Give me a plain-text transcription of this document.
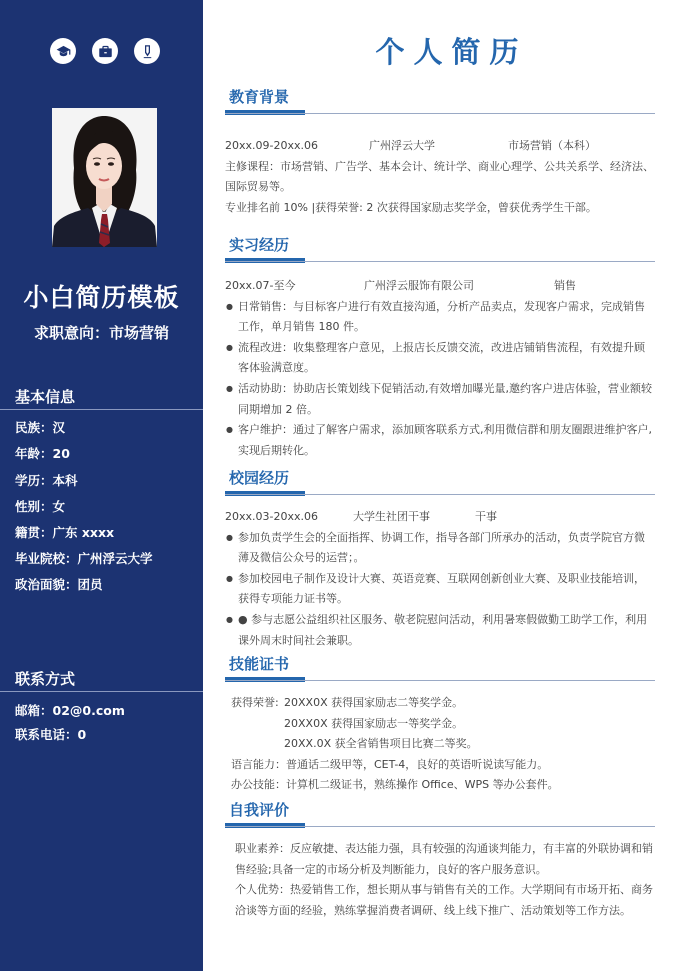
小白简历模板
求职意向：市场营销
基本信息
民族：汉
年龄：20
学历：本科
性别：女
籍贯：广东 xxxx
毕业院校：广州浮云大学
政治面貌：团员
联系方式
邮箱：02@0.com
联系电话：0
个人简历
教育背景
20xx.09-20xx.06	广州浮云大学	市场营销（本科）
主修课程：市场营销、广告学、基本会计、统计学、商业心理学、公共关系学、经济法、国际贸易等。
专业排名前 10% |获得荣誉: 2 次获得国家励志奖学金，曾获优秀学生干部。
实习经历
20xx.07-至今	广州浮云服饰有限公司	销售
● 日常销售：与目标客户进行有效直接沟通，分析产品卖点，发现客户需求，完成销售工作，单月销售 180 件。
● 流程改进：收集整理客户意见，上报店长反馈交流，改进店铺销售流程，有效提升顾客体验满意度。
● 活动协助：协助店长策划线下促销活动,有效增加曝光量,邀约客户进店体验，营业额较同期增加 2 倍。
● 客户维护：通过了解客户需求，添加顾客联系方式,利用微信群和朋友圈跟进维护客户,实现后期转化。
校园经历
20xx.03-20xx.06	大学生社团干事	干事
● 参加负责学生会的全面指挥、协调工作，指导各部门所承办的活动，负责学院官方微薄及微信公众号的运营；。
● 参加校园电子制作及设计大赛、英语竞赛、互联网创新创业大赛、及职业技能培训，获得专项能力证书等。
● ● 参与志愿公益组织社区服务、敬老院慰问活动，利用暑寒假做勤工助学工作，利用课外周末时间社会兼职。
技能证书
获得荣誉: 20XX0X 获得国家励志二等奖学金。
20XX0X 获得国家励志一等奖学金。
20XX.0X 获全省销售项目比赛二等奖。
语言能力：普通话二级甲等，CET-4，良好的英语听说读写能力。
办公技能：计算机二级证书，熟练操作 Office、WPS 等办公套件。
自我评价
职业素养：反应敏捷、表达能力强，具有较强的沟通谈判能力，有丰富的外联协调和销售经验;具备一定的市场分析及判断能力，良好的客户服务意识。
个人优势：热爱销售工作，想长期从事与销售有关的工作。大学期间有市场开拓、商务洽谈等方面的经验，熟练掌握消费者调研、线上线下推广、活动策划等工作方法。
